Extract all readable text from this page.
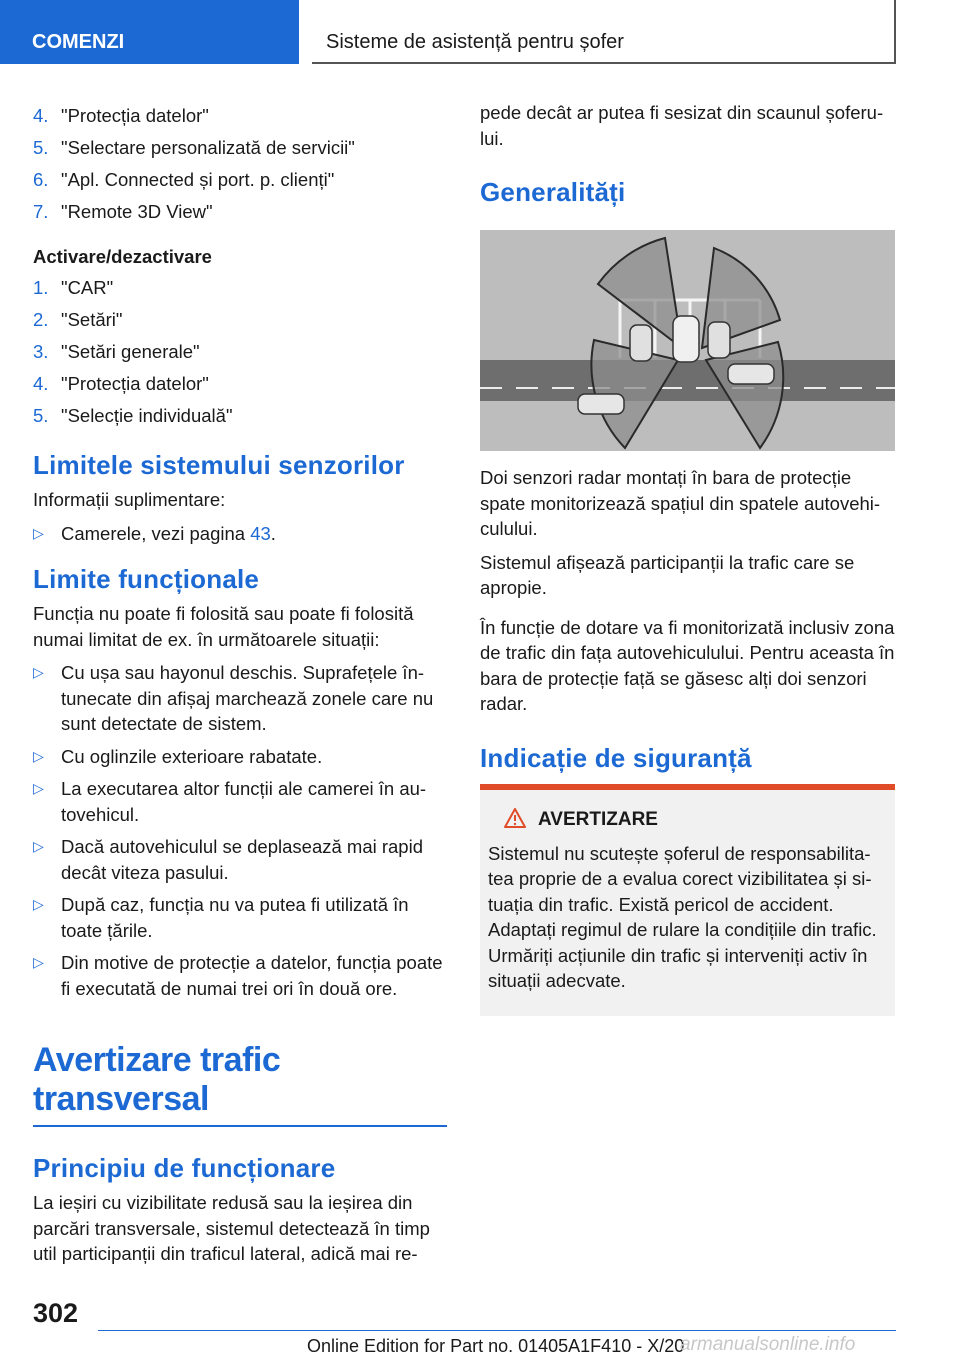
COMENZI	Sisteme de asistență pentru șofer
4. "Protecția datelor"
5. "Selectare personalizată de servicii"
6. "Apl. Connected și port. p. clienți"
7. "Remote 3D View"
Activare/dezactivare
1. "CAR"
2. "Setări"
3. "Setări generale"
4. "Protecția datelor"
5. "Selecție individuală"
Limitele sistemului senzorilor

Informații suplimentare:

▷ Camerele, vezi pagina 43.
Limite funcționale

Funcția nu poate fi folosită sau poate fi folosită numai limitat de ex. în următoarele situații:

▷ Cu ușa sau hayonul deschis. Suprafețele în-tunecate din afișaj marchează zonele care nu sunt detectate de sistem.
▷ Cu oglinzile exterioare rabatate.
▷ La executarea altor funcții ale camerei în au-tovehicul.
▷ Dacă autovehiculul se deplasează mai rapid decât viteza pasului.
▷ După caz, funcția nu va putea fi utilizată în toate țările.
▷ Din motive de protecție a datelor, funcția poate fi executată de numai trei ori în două ore.
Avertizare trafic transversal
Principiu de funcționare

La ieșiri cu vizibilitate redusă sau la ieșirea din parcări transversale, sistemul detectează în timp util participanții din traficul lateral, adică mai re-

pede decât ar putea fi sesizat din scaunul șoferu-lui.

Generalități

Doi senzori radar montați în bara de protecție spate monitorizează spațiul din spatele autovehi-culului.

Sistemul afișează participanții la trafic care se apropie.

În funcție de dotare va fi monitorizată inclusiv zona de trafic din fața autovehiculului. Pentru aceasta în bara de protecție față se găsesc alți doi senzori radar.

Indicație de siguranță
AVERTIZARE

Sistemul nu scutește șoferul de responsabilita-tea proprie de a evalua corect vizibilitatea și si-tuația din trafic. Există pericol de accident. Adaptați regimul de rulare la condițiile din trafic. Urmăriți acțiunile din trafic și interveniți activ în situații adecvate.

302
Online Edition for Part no. 01405A1F410 - X/20
armanualsonline.info
